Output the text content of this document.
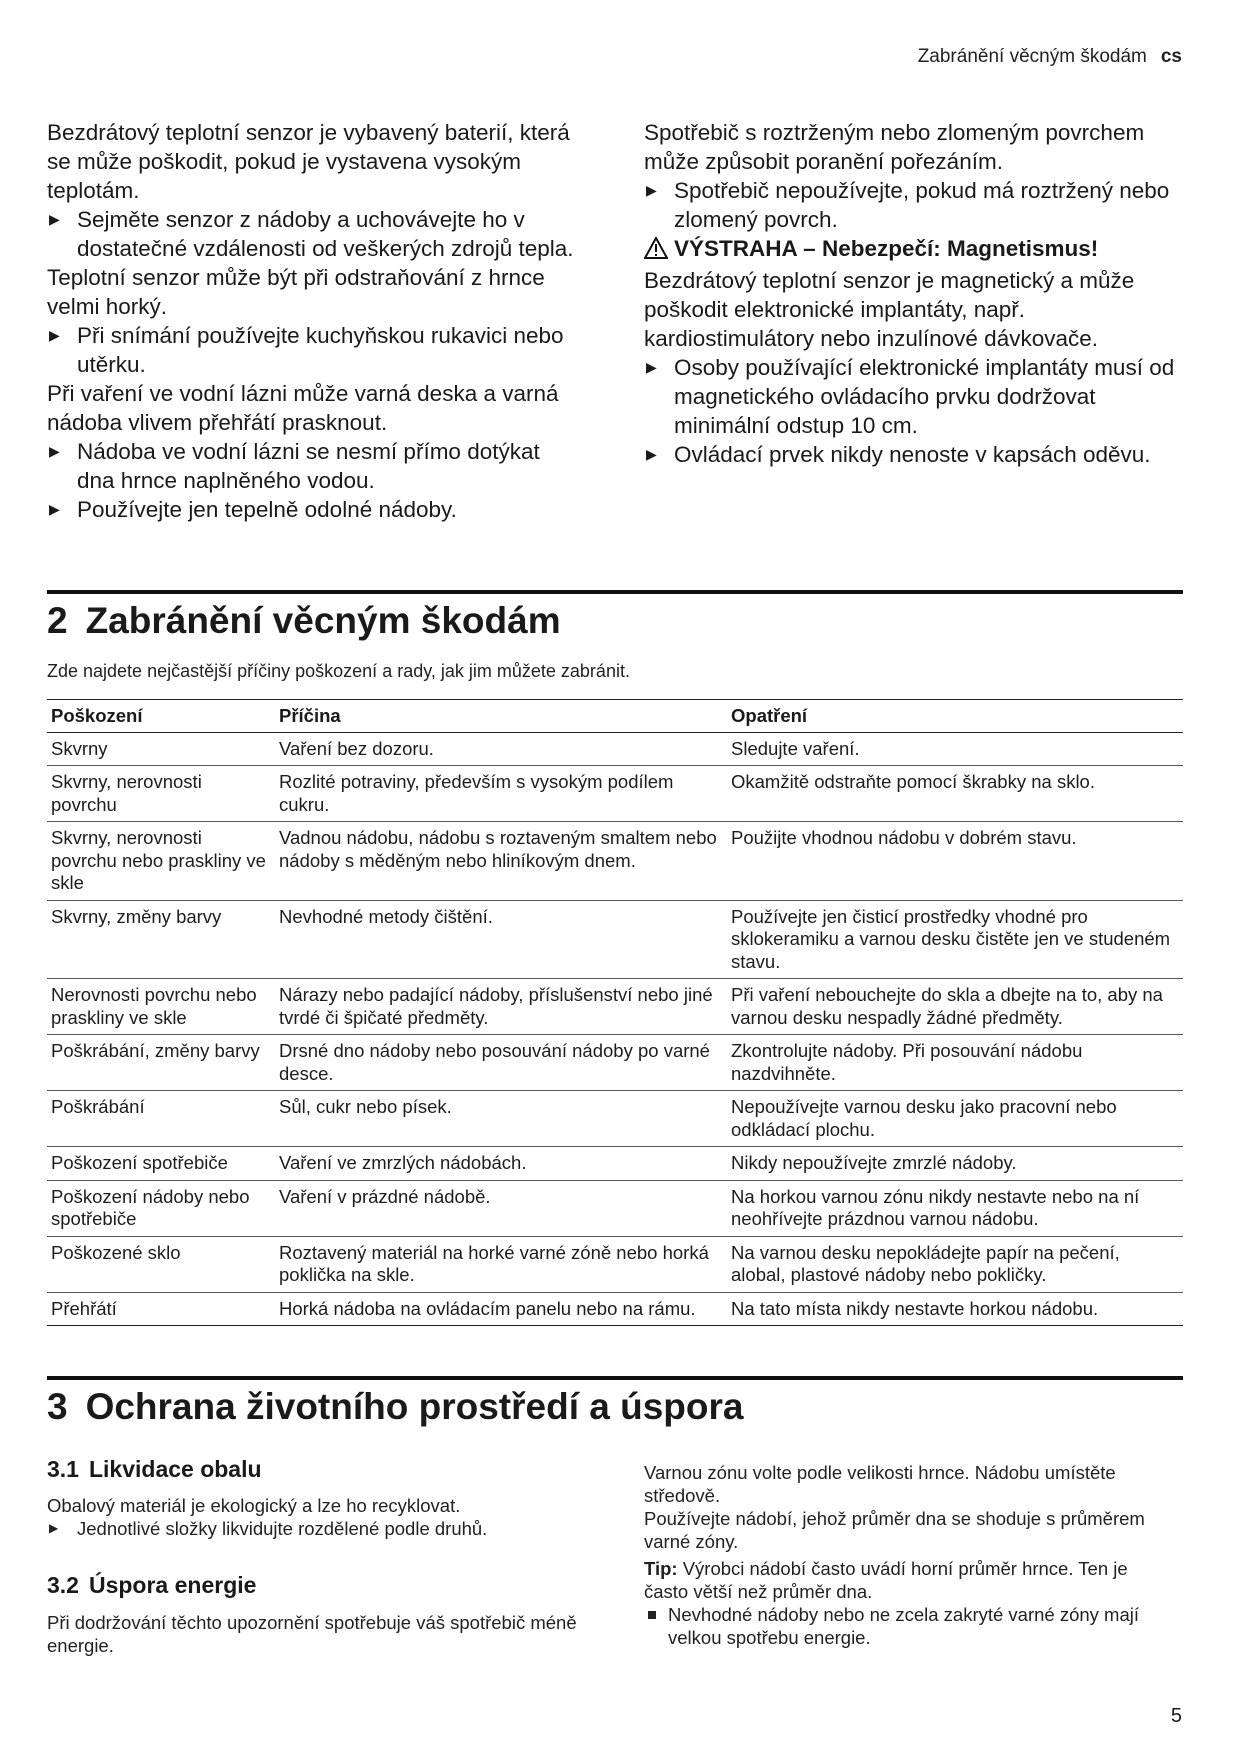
Zabránění věcným škodám cs

Bezdrátový teplotní senzor je vybavený baterií, která se může poškodit, pokud je vystavena vysokým teplotám.

▶ Sejměte senzor z nádoby a uchovávejte ho v dostatečné vzdálenosti od veškerých zdrojů tepla.

Teplotní senzor může být při odstraňování z hrnce velmi horký.

▶ Při snímání používejte kuchyňskou rukavici nebo utěrku.

Při vaření ve vodní lázni může varná deska a varná nádoba vlivem přehřátí prasknout.

▶ Nádoba ve vodní lázni se nesmí přímo dotýkat dna hrnce naplněného vodou.
▶ Používejte jen tepelně odolné nádoby.

Spotřebič s roztrženým nebo zlomeným povrchem může způsobit poranění pořezáním.

▶ Spotřebič nepoužívejte, pokud má roztržený nebo zlomený povrch.

VÝSTRAHA – Nebezpečí: Magnetismus!

Bezdrátový teplotní senzor je magnetický a může poškodit elektronické implantáty, např. kardiostimulátory nebo inzulínové dávkovače.

▶ Osoby používající elektronické implantáty musí od magnetického ovládacího prvku dodržovat minimální odstup 10 cm.
▶ Ovládací prvek nikdy nenoste v kapsách oděvu.
2 Zabránění věcným škodám
Zde najdete nejčastější příčiny poškození a rady, jak jim můžete zabránit.
Poškození	Příčina	Opatření
Skvrny	Vaření bez dozoru.	Sledujte vaření.
Skvrny, nerovnosti povrchu	Rozlité potraviny, především s vysokým podílem cukru.	Okamžitě odstraňte pomocí škrabky na sklo.
Skvrny, nerovnosti povrchu nebo praskliny ve skle	Vadnou nádobu, nádobu s roztaveným smaltem nebo nádoby s měděným nebo hliníkovým dnem.	Použijte vhodnou nádobu v dobrém stavu.
Skvrny, změny barvy	Nevhodné metody čištění.	Používejte jen čisticí prostředky vhodné pro sklokeramiku a varnou desku čistěte jen ve studeném stavu.
Nerovnosti povrchu nebo praskliny ve skle	Nárazy nebo padající nádoby, příslušenství nebo jiné tvrdé či špičaté předměty.	Při vaření nebouchejte do skla a dbejte na to, aby na varnou desku nespadly žádné předměty.
Poškrábání, změny barvy	Drsné dno nádoby nebo posouvání nádoby po varné desce.	Zkontrolujte nádoby. Při posouvání nádobu nazdvihněte.
Poškrábání	Sůl, cukr nebo písek.	Nepoužívejte varnou desku jako pracovní nebo odkládací plochu.
Poškození spotřebiče	Vaření ve zmrzlých nádobách.	Nikdy nepoužívejte zmrzlé nádoby.
Poškození nádoby nebo spotřebiče	Vaření v prázdné nádobě.	Na horkou varnou zónu nikdy nestavte nebo na ní neohřívejte prázdnou varnou nádobu.
Poškozené sklo	Roztavený materiál na horké varné zóně nebo horká poklička na skle.	Na varnou desku nepokládejte papír na pečení, alobal, plastové nádoby nebo pokličky.
Přehřátí	Horká nádoba na ovládacím panelu nebo na rámu.	Na tato místa nikdy nestavte horkou nádobu.
3 Ochrana životního prostředí a úspora
3.1 Likvidace obalu

Obalový materiál je ekologický a lze ho recyklovat.

▶ Jednotlivé složky likvidujte rozdělené podle druhů.
3.2 Úspora energie

Při dodržování těchto upozornění spotřebuje váš spotřebič méně energie.

Varnou zónu volte podle velikosti hrnce. Nádobu umístěte středově.

Používejte nádobí, jehož průměr dna se shoduje s průměrem varné zóny.

Tip: Výrobci nádobí často uvádí horní průměr hrnce. Ten je často větší než průměr dna.

Nevhodné nádoby nebo ne zcela zakryté varné zóny mají velkou spotřebu energie.
5
